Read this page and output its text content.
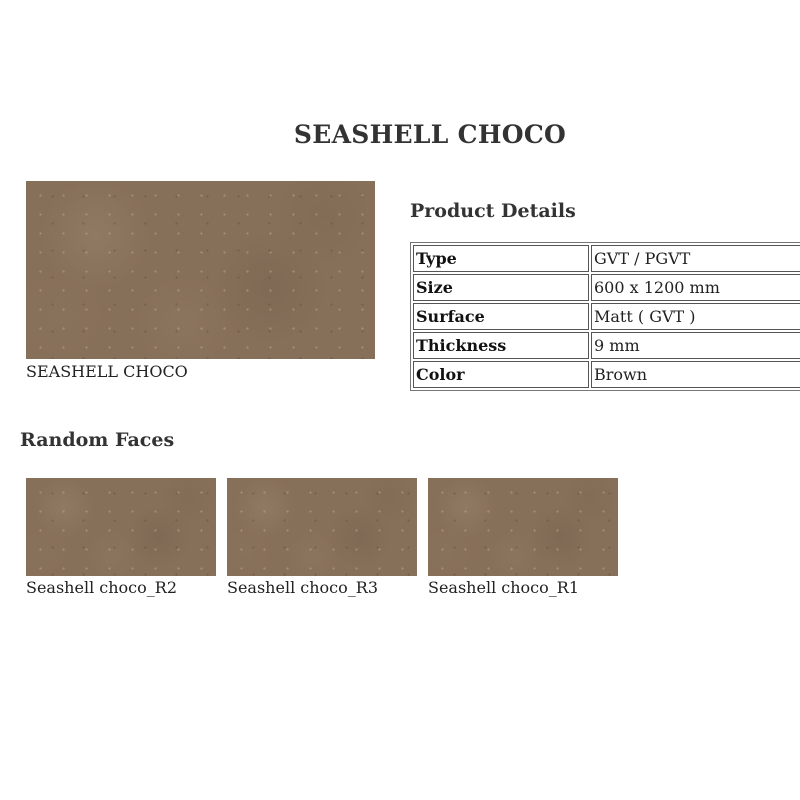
SEASHELL CHOCO
SEASHELL CHOCO
Product Details
Type	GVT / PGVT
Size	600 x 1200 mm
Surface	Matt ( GVT )
Thickness	9 mm
Color	Brown
Random Faces
Seashell choco_R2	Seashell choco_R3	Seashell choco_R1
